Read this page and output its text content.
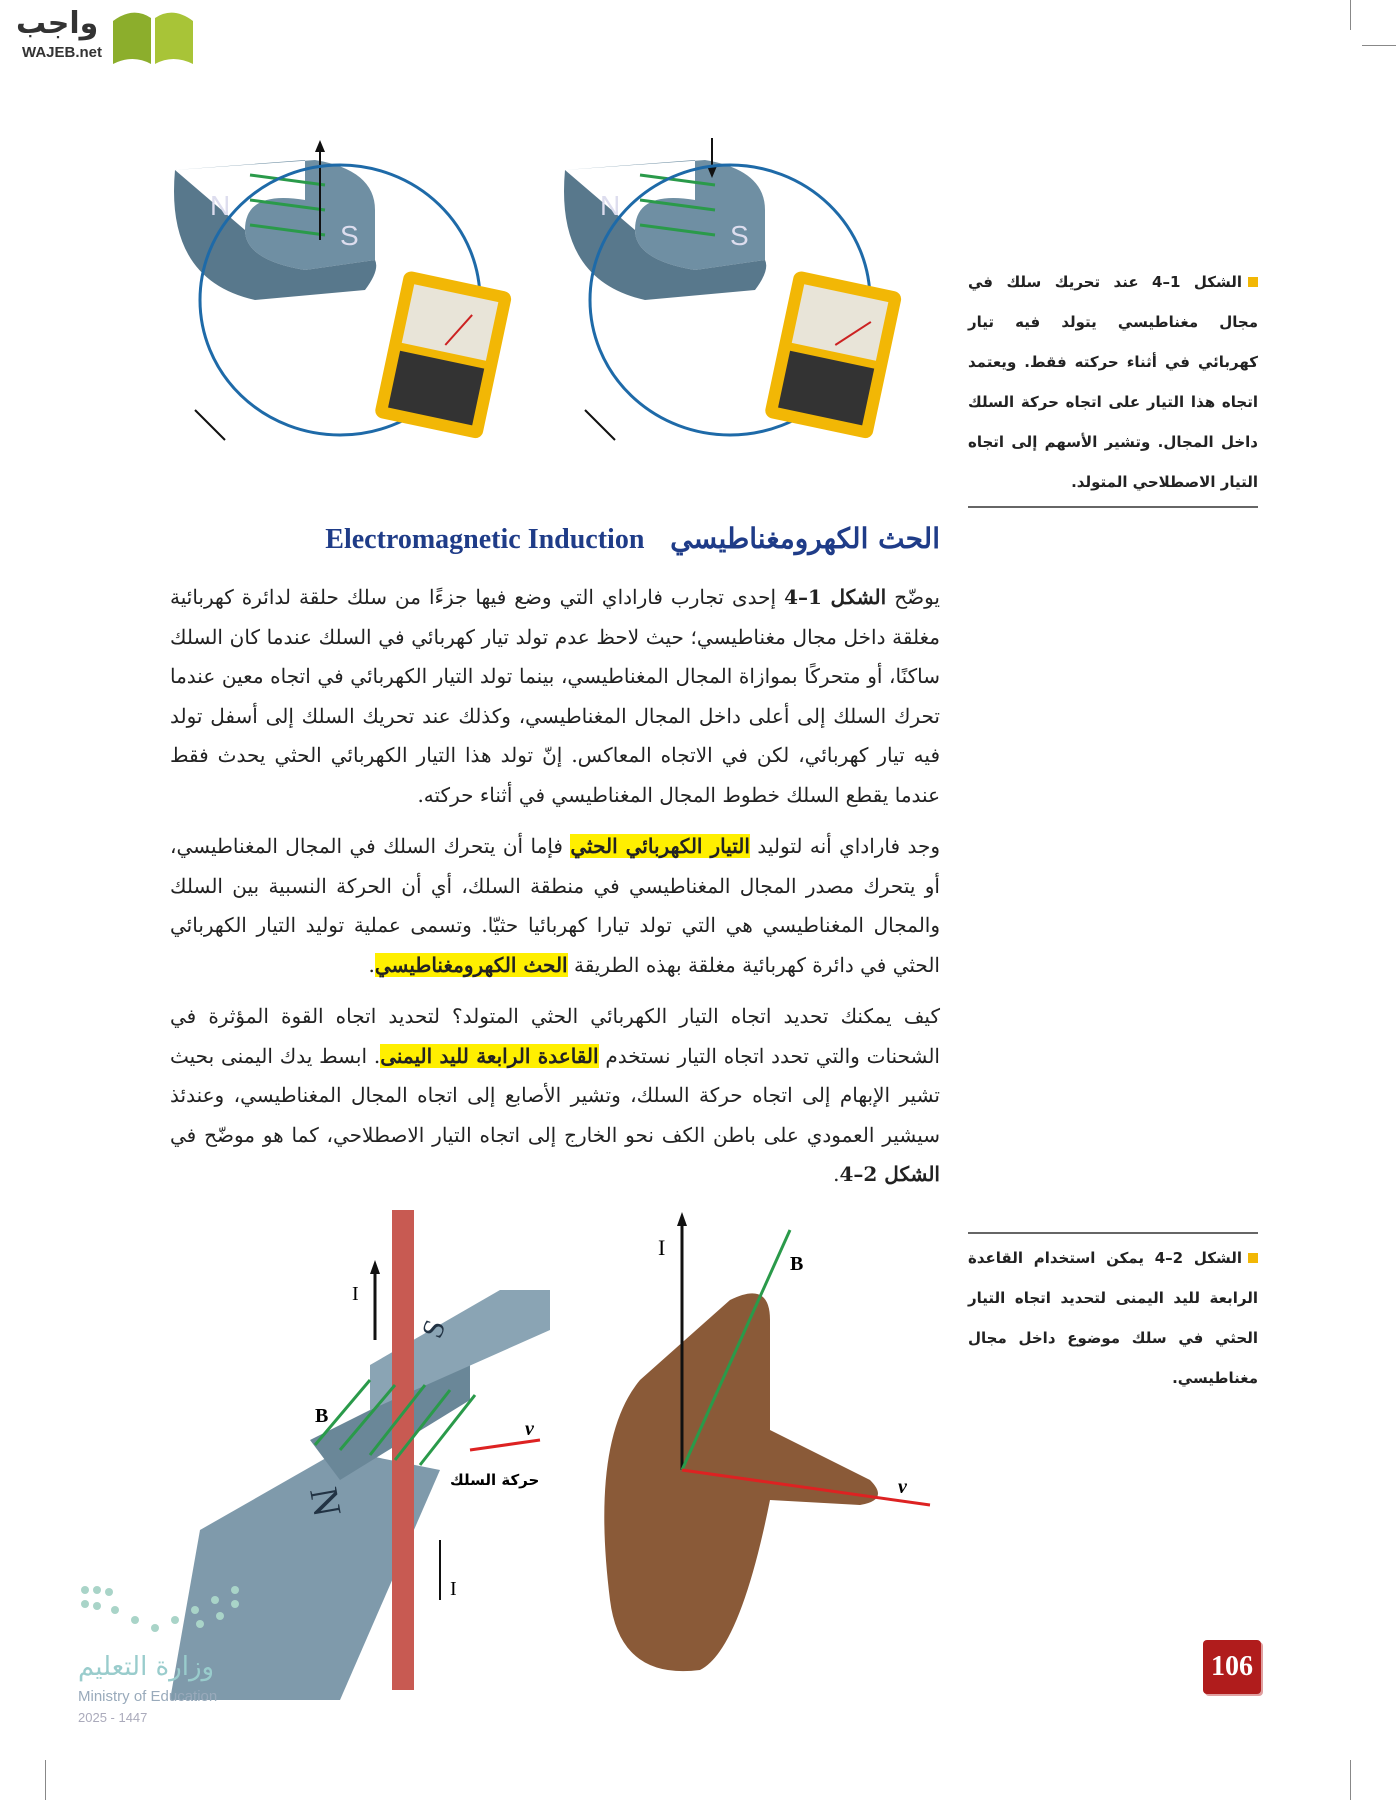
واجب
WAJEB.net
N
S
N
S
الشكل 1–4 عند تحريك سلك في مجال مغناطيسي يتولد فيه تيار كهربائي في أثناء حركته فقط. ويعتمد اتجاه هذا التيار على اتجاه حركة السلك داخل المجال. وتشير الأسهم إلى اتجاه التيار الاصطلاحي المتولد.
Electromagnetic Induction الحث الكهرومغناطيسي

يوضّح الشكل 1–4 إحدى تجارب فاراداي التي وضع فيها جزءًا من سلك حلقة لدائرة كهربائية مغلقة داخل مجال مغناطيسي؛ حيث لاحظ عدم تولد تيار كهربائي في السلك عندما كان السلك ساكنًا، أو متحركًا بموازاة المجال المغناطيسي، بينما تولد التيار الكهربائي في اتجاه معين عندما تحرك السلك إلى أعلى داخل المجال المغناطيسي، وكذلك عند تحريك السلك إلى أسفل تولد فيه تيار كهربائي، لكن في الاتجاه المعاكس. إنّ تولد هذا التيار الكهربائي الحثي يحدث فقط عندما يقطع السلك خطوط المجال المغناطيسي في أثناء حركته.

وجد فاراداي أنه لتوليد التيار الكهربائي الحثي فإما أن يتحرك السلك في المجال المغناطيسي، أو يتحرك مصدر المجال المغناطيسي في منطقة السلك، أي أن الحركة النسبية بين السلك والمجال المغناطيسي هي التي تولد تيارا كهربائيا حثيّا. وتسمى عملية توليد التيار الكهربائي الحثي في دائرة كهربائية مغلقة بهذه الطريقة الحث الكهرومغناطيسي.

كيف يمكنك تحديد اتجاه التيار الكهربائي الحثي المتولد؟ لتحديد اتجاه القوة المؤثرة في الشحنات والتي تحدد اتجاه التيار نستخدم القاعدة الرابعة لليد اليمنى. ابسط يدك اليمنى بحيث تشير الإبهام إلى اتجاه حركة السلك، وتشير الأصابع إلى اتجاه المجال المغناطيسي، وعندئذ سيشير العمودي على باطن الكف نحو الخارج إلى اتجاه التيار الاصطلاحي، كما هو موضّح في الشكل 2–4.

S
N
I
I
B
v
حركة السلك
I
B
v
الشكل 2–4 يمكن استخدام القاعدة الرابعة لليد اليمنى لتحديد اتجاه التيار الحثي في سلك موضوع داخل مجال مغناطيسي.
وزارة التعليم
Ministry of Education
2025 - 1447
106
